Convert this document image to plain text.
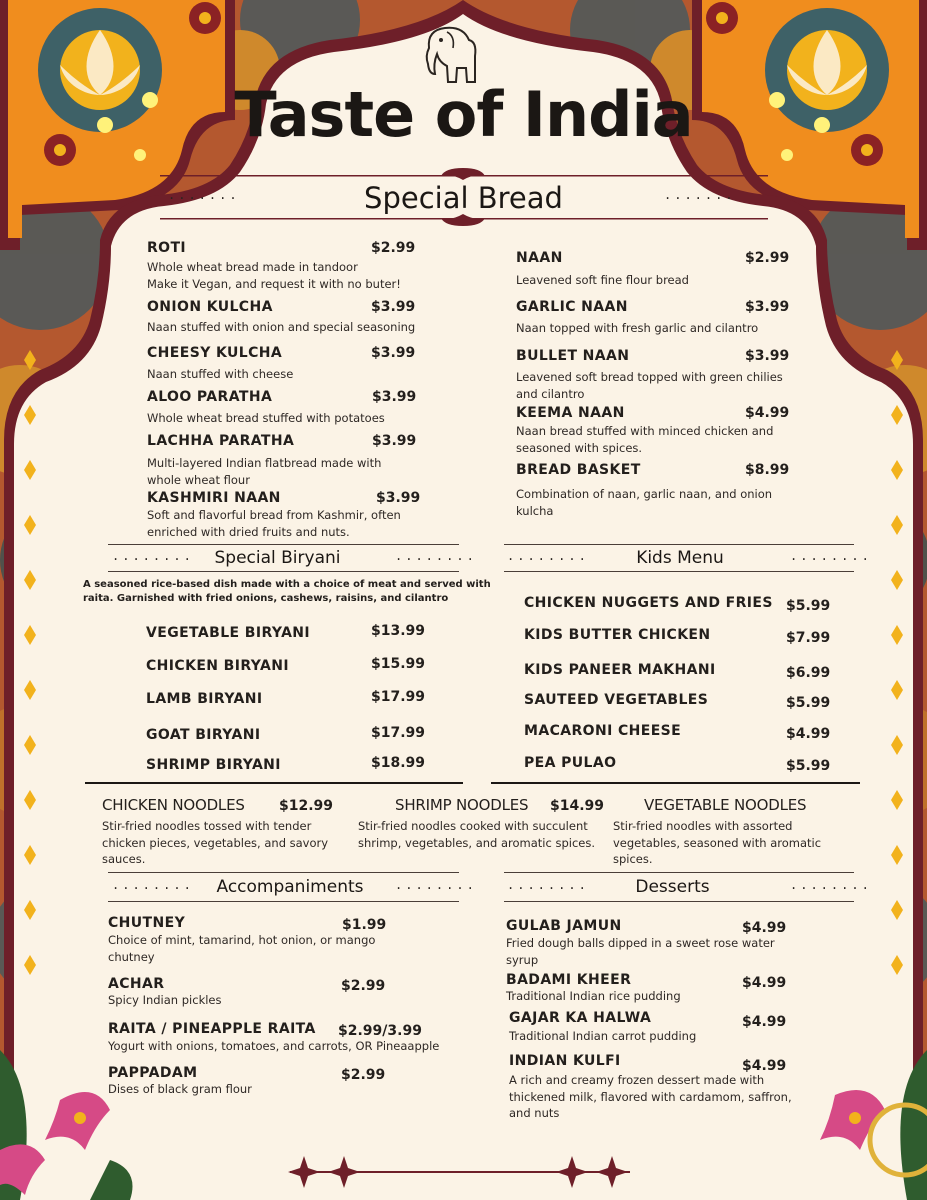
Taste of India
.......	.......
Special Bread
ROTI	$2.99
Whole wheat bread made in tandoor
Make it Vegan, and request it with no buter!
ONION KULCHA	$3.99
Naan stuffed with onion and special seasoning
CHEESY KULCHA	$3.99
Naan stuffed with cheese
ALOO PARATHA	$3.99
Whole wheat bread stuffed with potatoes
LACHHA PARATHA	$3.99
Multi-layered Indian flatbread made with
whole wheat flour
KASHMIRI NAAN	$3.99
Soft and flavorful bread from Kashmir, often
enriched with dried fruits and nuts.
NAAN	$2.99
Leavened soft fine flour bread
GARLIC NAAN	$3.99
Naan topped with fresh garlic and cilantro
BULLET NAAN	$3.99
Leavened soft bread topped with green chilies
and cilantro
KEEMA NAAN	$4.99
Naan bread stuffed with minced chicken and
seasoned with spices.
BREAD BASKET	$8.99
Combination of naan, garlic naan, and onion
kulcha
........	........
Special Biryani
A seasoned rice-based dish made with a choice of meat and served with
raita. Garnished with fried onions, cashews, raisins, and cilantro
VEGETABLE BIRYANI	$13.99
CHICKEN BIRYANI	$15.99
LAMB BIRYANI	$17.99
GOAT BIRYANI	$17.99
SHRIMP BIRYANI	$18.99
........	........
Kids Menu
CHICKEN NUGGETS AND FRIES $5.99
KIDS BUTTER CHICKEN	$7.99
KIDS PANEER MAKHANI	$6.99
SAUTEED VEGETABLES	$5.99
MACARONI CHEESE	$4.99
PEA PULAO	$5.99
CHICKEN NOODLES $12.99
Stir-fried noodles tossed with tender
chicken pieces, vegetables, and savory
sauces.
SHRIMP NOODLES $14.99
Stir-fried noodles cooked with succulent
shrimp, vegetables, and aromatic spices.
VEGETABLE NOODLES
Stir-fried noodles with assorted
vegetables, seasoned with aromatic
spices.
........	........
Accompaniments
CHUTNEY	$1.99
Choice of mint, tamarind, hot onion, or mango
chutney
ACHAR	$2.99
Spicy Indian pickles
RAITA / PINEAPPLE RAITA $2.99/3.99
Yogurt with onions, tomatoes, and carrots, OR Pineaapple
PAPPADAM	$2.99
Dises of black gram flour
........	........
Desserts
GULAB JAMUN	$4.99
Fried dough balls dipped in a sweet rose water
syrup
BADAMI KHEER	$4.99
Traditional Indian rice pudding
GAJAR KA HALWA	$4.99
Traditional Indian carrot pudding
INDIAN KULFI	$4.99
A rich and creamy frozen dessert made with
thickened milk, flavored with cardamom, saffron,
and nuts
